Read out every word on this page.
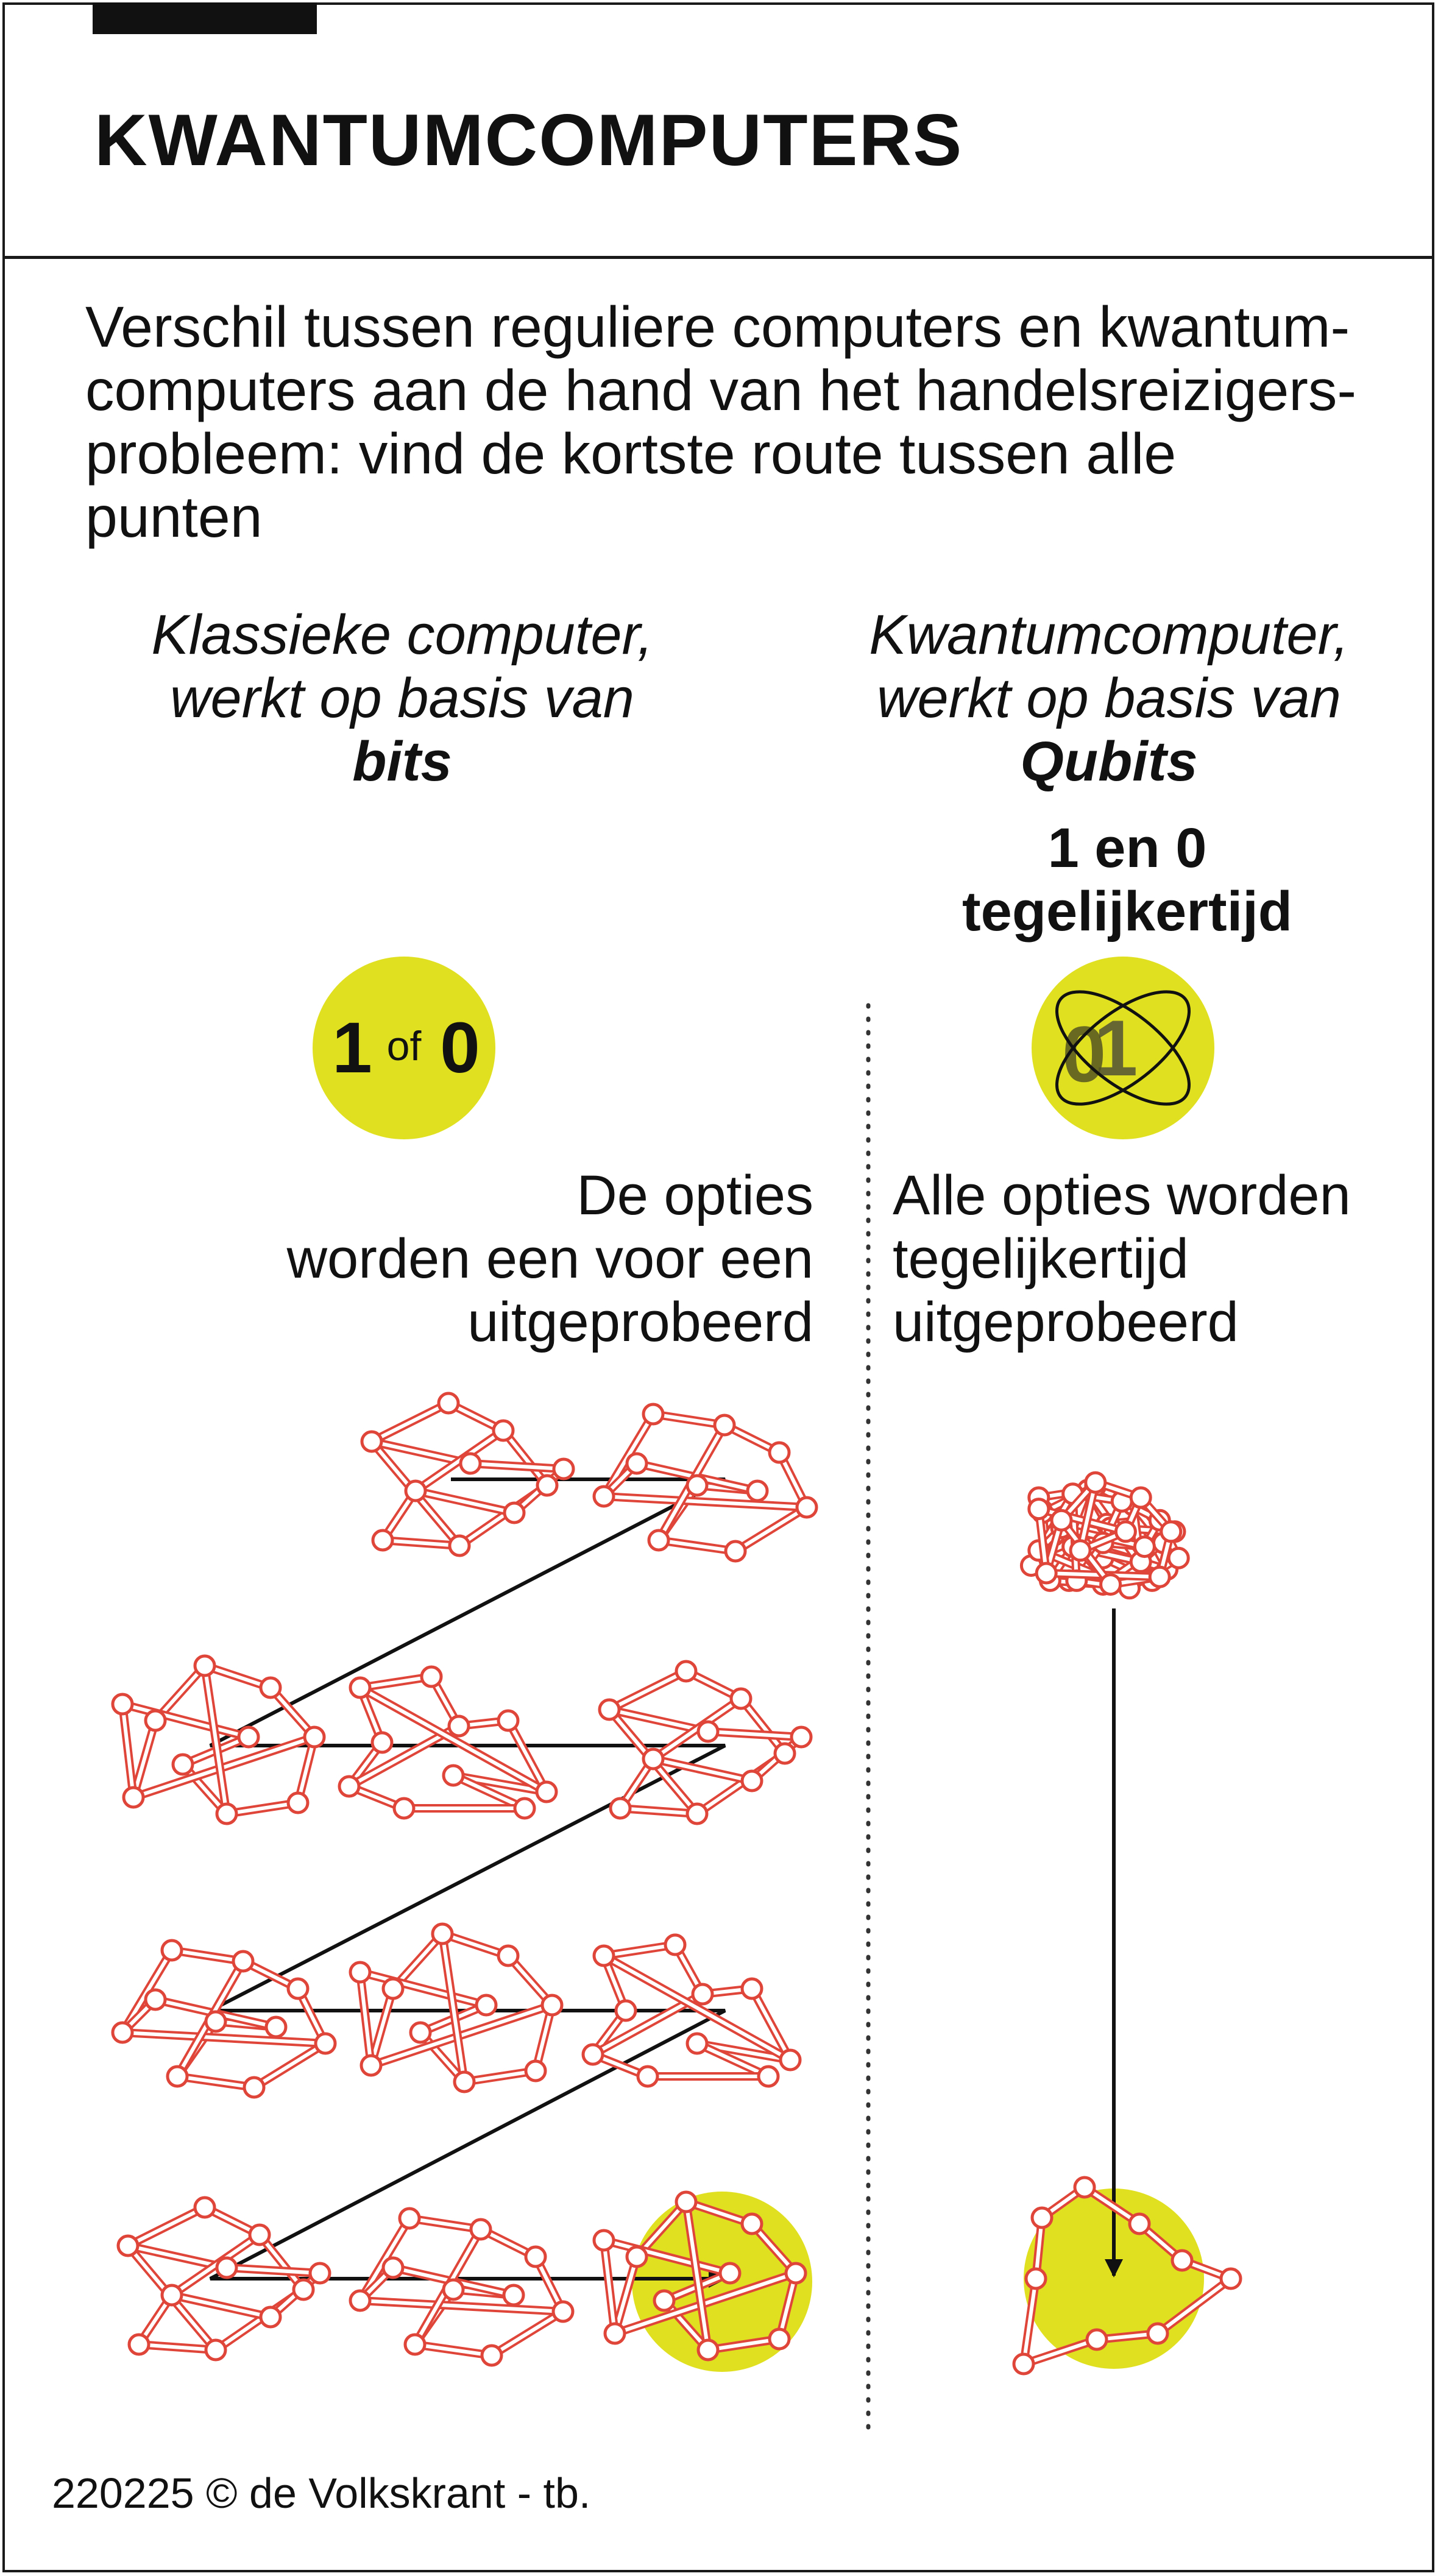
KWANTUMCOMPUTERS

Verschil tussen reguliere computers en kwantum-
computers aan de hand van het handelsreizigers-
probleem: vind de kortste route tussen alle
punten

Klassieke computer,
werkt op basis van
bits
Kwantumcomputer,
werkt op basis van
Qubits
1 en 0
tegelijkertijd
De opties
worden een voor een
uitgeprobeerd
Alle opties worden
tegelijkertijd
uitgeprobeerd
1 of 0	1
0
220225 © de Volkskrant - tb.
